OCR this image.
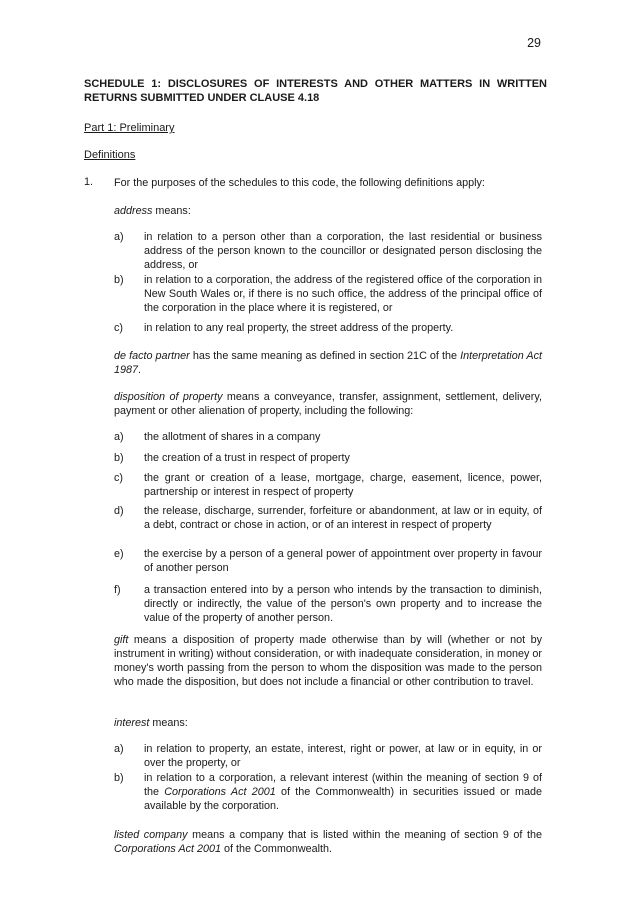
29
SCHEDULE 1: DISCLOSURES OF INTERESTS AND OTHER MATTERS IN WRITTEN RETURNS SUBMITTED UNDER CLAUSE 4.18
Part 1: Preliminary
Definitions
1. For the purposes of the schedules to this code, the following definitions apply:
address means:
a) in relation to a person other than a corporation, the last residential or business address of the person known to the councillor or designated person disclosing the address, or
b) in relation to a corporation, the address of the registered office of the corporation in New South Wales or, if there is no such office, the address of the principal office of the corporation in the place where it is registered, or
c) in relation to any real property, the street address of the property.
de facto partner has the same meaning as defined in section 21C of the Interpretation Act 1987.
disposition of property means a conveyance, transfer, assignment, settlement, delivery, payment or other alienation of property, including the following:
a) the allotment of shares in a company
b) the creation of a trust in respect of property
c) the grant or creation of a lease, mortgage, charge, easement, licence, power, partnership or interest in respect of property
d) the release, discharge, surrender, forfeiture or abandonment, at law or in equity, of a debt, contract or chose in action, or of an interest in respect of property
e) the exercise by a person of a general power of appointment over property in favour of another person
f) a transaction entered into by a person who intends by the transaction to diminish, directly or indirectly, the value of the person's own property and to increase the value of the property of another person.
gift means a disposition of property made otherwise than by will (whether or not by instrument in writing) without consideration, or with inadequate consideration, in money or money's worth passing from the person to whom the disposition was made to the person who made the disposition, but does not include a financial or other contribution to travel.
interest means:
a) in relation to property, an estate, interest, right or power, at law or in equity, in or over the property, or
b) in relation to a corporation, a relevant interest (within the meaning of section 9 of the Corporations Act 2001 of the Commonwealth) in securities issued or made available by the corporation.
listed company means a company that is listed within the meaning of section 9 of the Corporations Act 2001 of the Commonwealth.
